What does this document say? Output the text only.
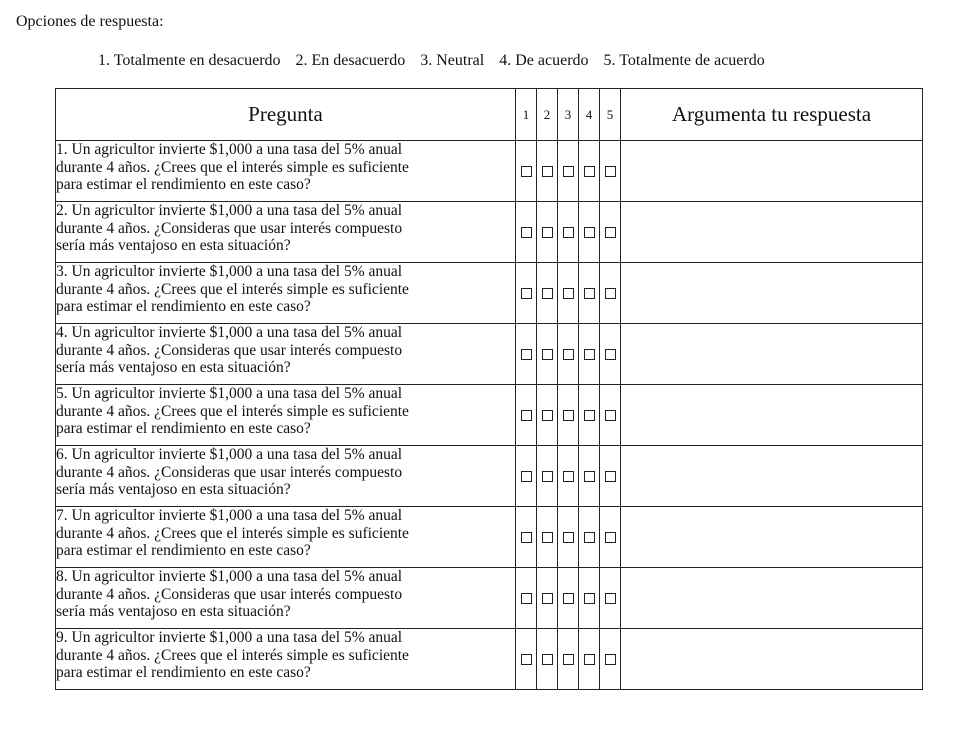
Opciones de respuesta:
1. Totalmente en desacuerdo 2. En desacuerdo 3. Neutral 4. De acuerdo 5. Totalmente de acuerdo
Pregunta	1	2	3	4	5	Argumenta tu respuesta

1. Un agricultor invierte $1,000 a una tasa del 5% anual
durante 4 años. ¿Crees que el interés simple es suficiente
para estimar el rendimiento en este caso?						

2. Un agricultor invierte $1,000 a una tasa del 5% anual
durante 4 años. ¿Consideras que usar interés compuesto
sería más ventajoso en esta situación?						

3. Un agricultor invierte $1,000 a una tasa del 5% anual
durante 4 años. ¿Crees que el interés simple es suficiente
para estimar el rendimiento en este caso?						

4. Un agricultor invierte $1,000 a una tasa del 5% anual
durante 4 años. ¿Consideras que usar interés compuesto
sería más ventajoso en esta situación?						

5. Un agricultor invierte $1,000 a una tasa del 5% anual
durante 4 años. ¿Crees que el interés simple es suficiente
para estimar el rendimiento en este caso?						

6. Un agricultor invierte $1,000 a una tasa del 5% anual
durante 4 años. ¿Consideras que usar interés compuesto
sería más ventajoso en esta situación?						

7. Un agricultor invierte $1,000 a una tasa del 5% anual
durante 4 años. ¿Crees que el interés simple es suficiente
para estimar el rendimiento en este caso?						

8. Un agricultor invierte $1,000 a una tasa del 5% anual
durante 4 años. ¿Consideras que usar interés compuesto
sería más ventajoso en esta situación?						

9. Un agricultor invierte $1,000 a una tasa del 5% anual
durante 4 años. ¿Crees que el interés simple es suficiente
para estimar el rendimiento en este caso?						
